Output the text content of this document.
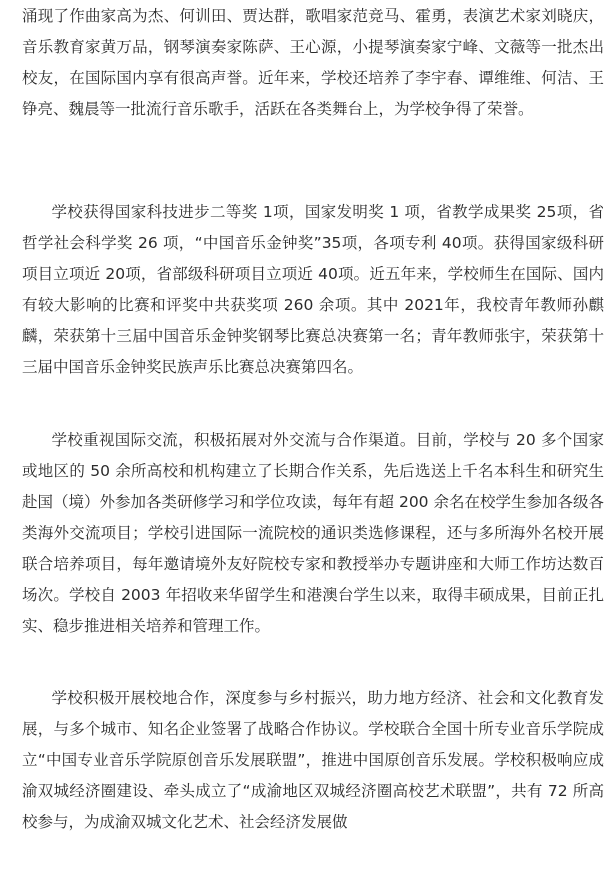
涌现了作曲家高为杰、何训田、贾达群，歌唱家范竞马、霍勇，表演艺术家刘晓庆，音乐教育家黄万品，钢琴演奏家陈萨、王心源，小提琴演奏家宁峰、文薇等一批杰出校友，在国际国内享有很高声誉。近年来，学校还培养了李宇春、谭维维、何洁、王铮亮、魏晨等一批流行音乐歌手，活跃在各类舞台上，为学校争得了荣誉。

学校获得国家科技进步二等奖 1项，国家发明奖 1 项，省教学成果奖 25项，省哲学社会科学奖 26 项，“中国音乐金钟奖”35项，各项专利 40项。获得国家级科研项目立项近 20项，省部级科研项目立项近 40项。近五年来，学校师生在国际、国内有较大影响的比赛和评奖中共获奖项 260 余项。其中 2021年，我校青年教师孙麒麟，荣获第十三届中国音乐金钟奖钢琴比赛总决赛第一名；青年教师张宇，荣获第十三届中国音乐金钟奖民族声乐比赛总决赛第四名。

学校重视国际交流，积极拓展对外交流与合作渠道。目前，学校与 20 多个国家或地区的 50 余所高校和机构建立了长期合作关系，先后选送上千名本科生和研究生赴国（境）外参加各类研修学习和学位攻读，每年有超 200 余名在校学生参加各级各类海外交流项目；学校引进国际一流院校的通识类选修课程，还与多所海外名校开展联合培养项目，每年邀请境外友好院校专家和教授举办专题讲座和大师工作坊达数百场次。学校自 2003 年招收来华留学生和港澳台学生以来，取得丰硕成果，目前正扎实、稳步推进相关培养和管理工作。

学校积极开展校地合作，深度参与乡村振兴，助力地方经济、社会和文化教育发展，与多个城市、知名企业签署了战略合作协议。学校联合全国十所专业音乐学院成立“中国专业音乐学院原创音乐发展联盟”，推进中国原创音乐发展。学校积极响应成渝双城经济圈建设、牵头成立了“成渝地区双城经济圈高校艺术联盟”，共有 72 所高校参与，为成渝双城文化艺术、社会经济发展做
